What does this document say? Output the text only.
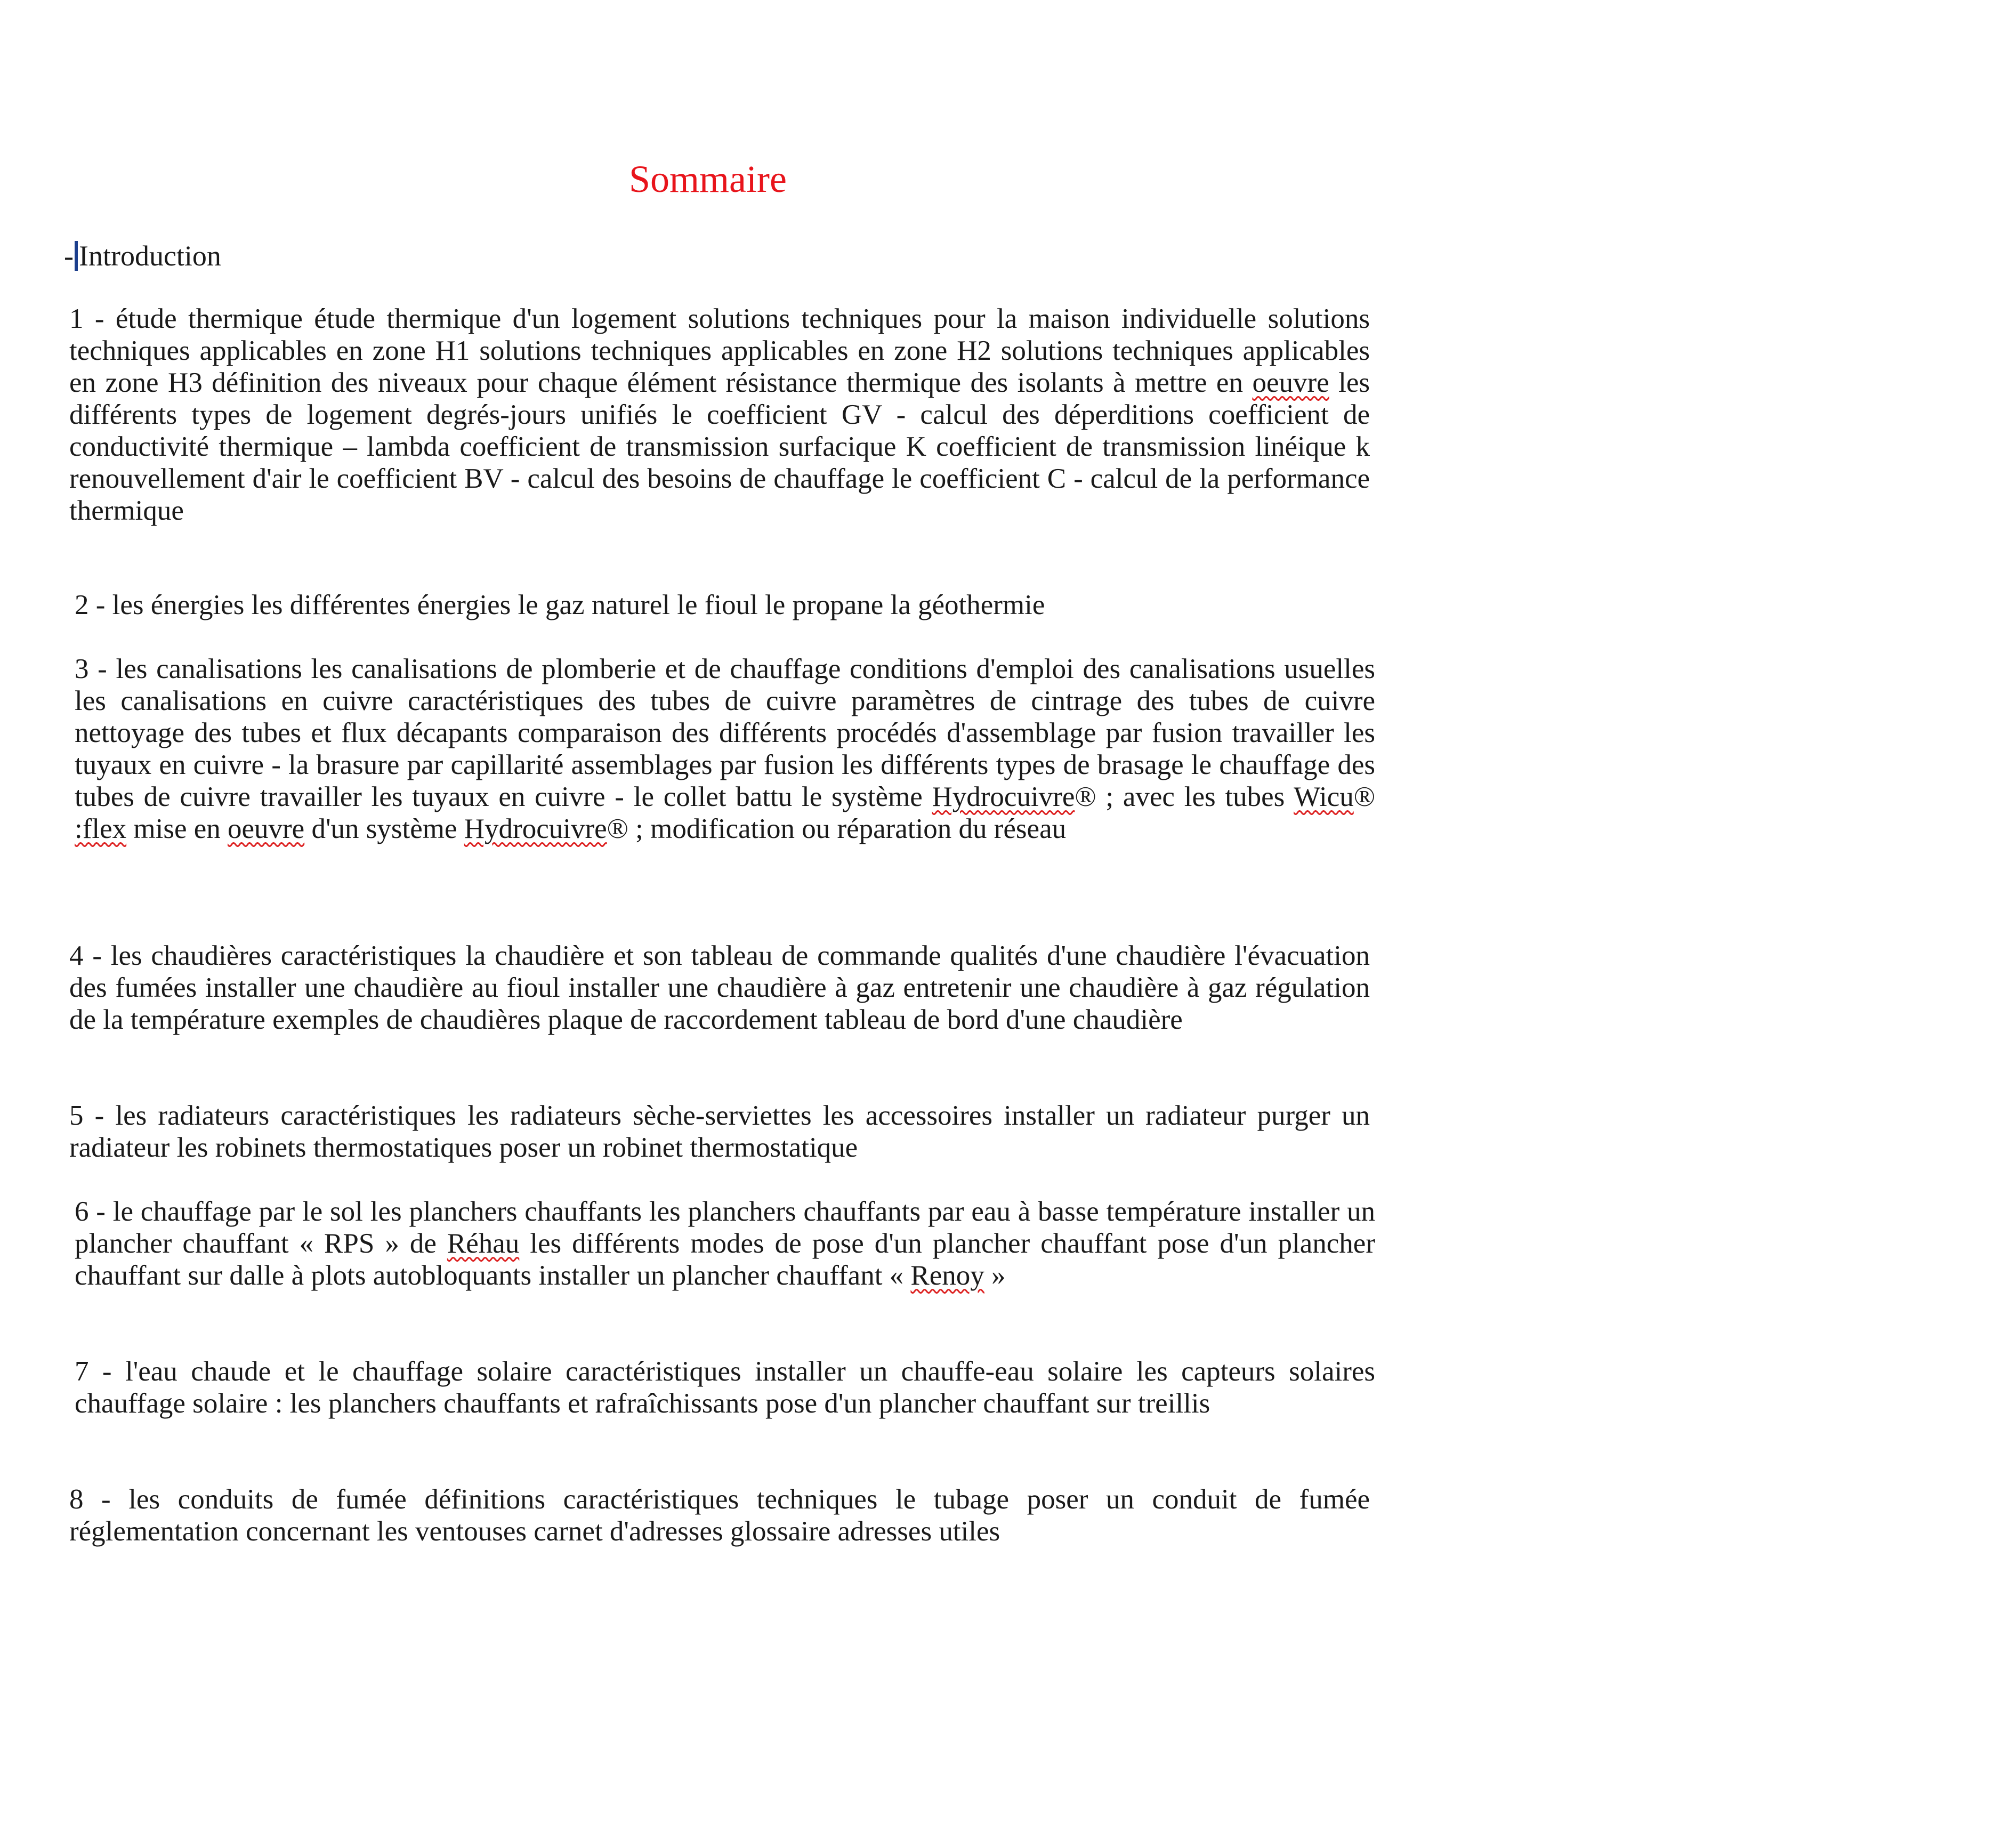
Sommaire
- Introduction

1 - étude thermique étude thermique d'un logement solutions techniques pour la maison individuelle solutions techniques applicables en zone H1 solutions techniques applicables en zone H2 solutions techniques applicables en zone H3 définition des niveaux pour chaque élément résistance thermique des isolants à mettre en oeuvre les différents types de logement degrés-jours unifiés le coefficient GV - calcul des déperditions coefficient de conductivité thermique – lambda coefficient de transmission surfacique K coefficient de transmission linéique k renouvellement d'air le coefficient BV - calcul des besoins de chauffage le coefficient C - calcul de la performance thermique

2 - les énergies les différentes énergies le gaz naturel le fioul le propane la géothermie

3 - les canalisations les canalisations de plomberie et de chauffage conditions d'emploi des canalisations usuelles les canalisations en cuivre caractéristiques des tubes de cuivre paramètres de cintrage des tubes de cuivre nettoyage des tubes et flux décapants comparaison des différents procédés d'assemblage par fusion travailler les tuyaux en cuivre - la brasure par capillarité assemblages par fusion les différents types de brasage le chauffage des tubes de cuivre travailler les tuyaux en cuivre - le collet battu le système Hydrocuivre® ; avec les tubes Wicu® :flex mise en oeuvre d'un système Hydrocuivre® ; modification ou réparation du réseau

4 - les chaudières caractéristiques la chaudière et son tableau de commande qualités d'une chaudière l'évacuation des fumées installer une chaudière au fioul installer une chaudière à gaz entretenir une chaudière à gaz régulation de la température exemples de chaudières plaque de raccordement tableau de bord d'une chaudière

5 - les radiateurs caractéristiques les radiateurs sèche-serviettes les accessoires installer un radiateur purger un radiateur les robinets thermostatiques poser un robinet thermostatique

6 - le chauffage par le sol les planchers chauffants les planchers chauffants par eau à basse température installer un plancher chauffant « RPS » de Réhau les différents modes de pose d'un plancher chauffant pose d'un plancher chauffant sur dalle à plots autobloquants installer un plancher chauffant « Renoy »

7 - l'eau chaude et le chauffage solaire caractéristiques installer un chauffe-eau solaire les capteurs solaires chauffage solaire : les planchers chauffants et rafraîchissants pose d'un plancher chauffant sur treillis

8 - les conduits de fumée définitions caractéristiques techniques le tubage poser un conduit de fumée réglementation concernant les ventouses carnet d'adresses glossaire adresses utiles
